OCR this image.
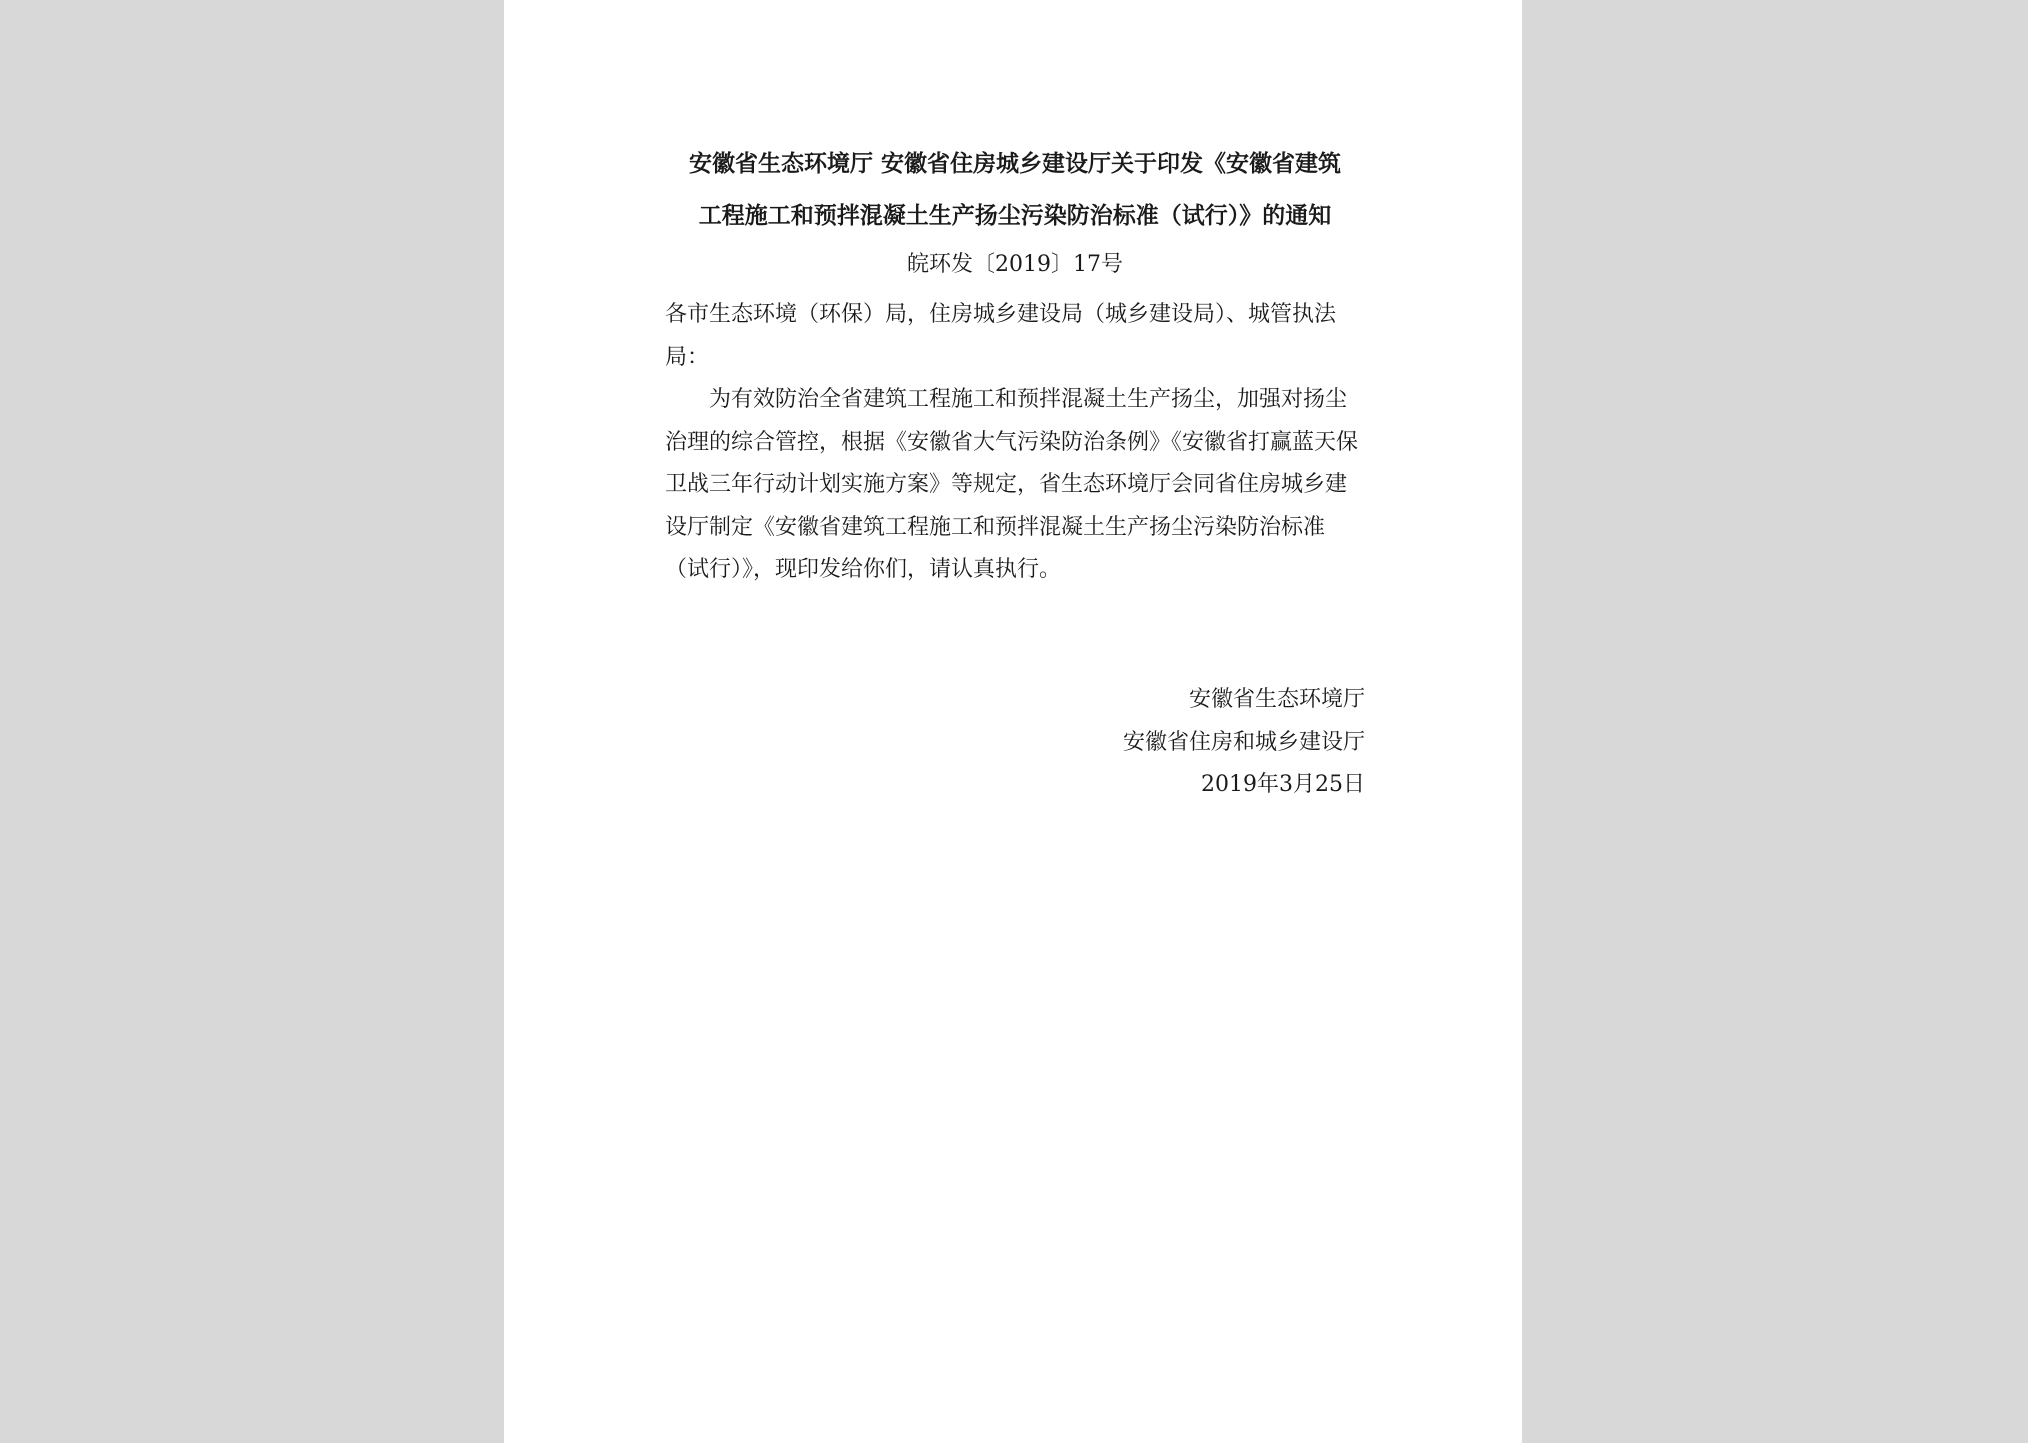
安徽省生态环境厅 安徽省住房城乡建设厅关于印发《安徽省建筑
工程施工和预拌混凝土生产扬尘污染防治标准（试行）》的通知

皖环发〔2019〕17号

各市生态环境（环保）局，住房城乡建设局（城乡建设局）、城管执法局：

为有效防治全省建筑工程施工和预拌混凝土生产扬尘，加强对扬尘治理的综合管控，根据《安徽省大气污染防治条例》《安徽省打赢蓝天保卫战三年行动计划实施方案》等规定，省生态环境厅会同省住房城乡建设厅制定《安徽省建筑工程施工和预拌混凝土生产扬尘污染防治标准（试行）》，现印发给你们，请认真执行。

安徽省生态环境厅
安徽省住房和城乡建设厅
2019年3月25日
